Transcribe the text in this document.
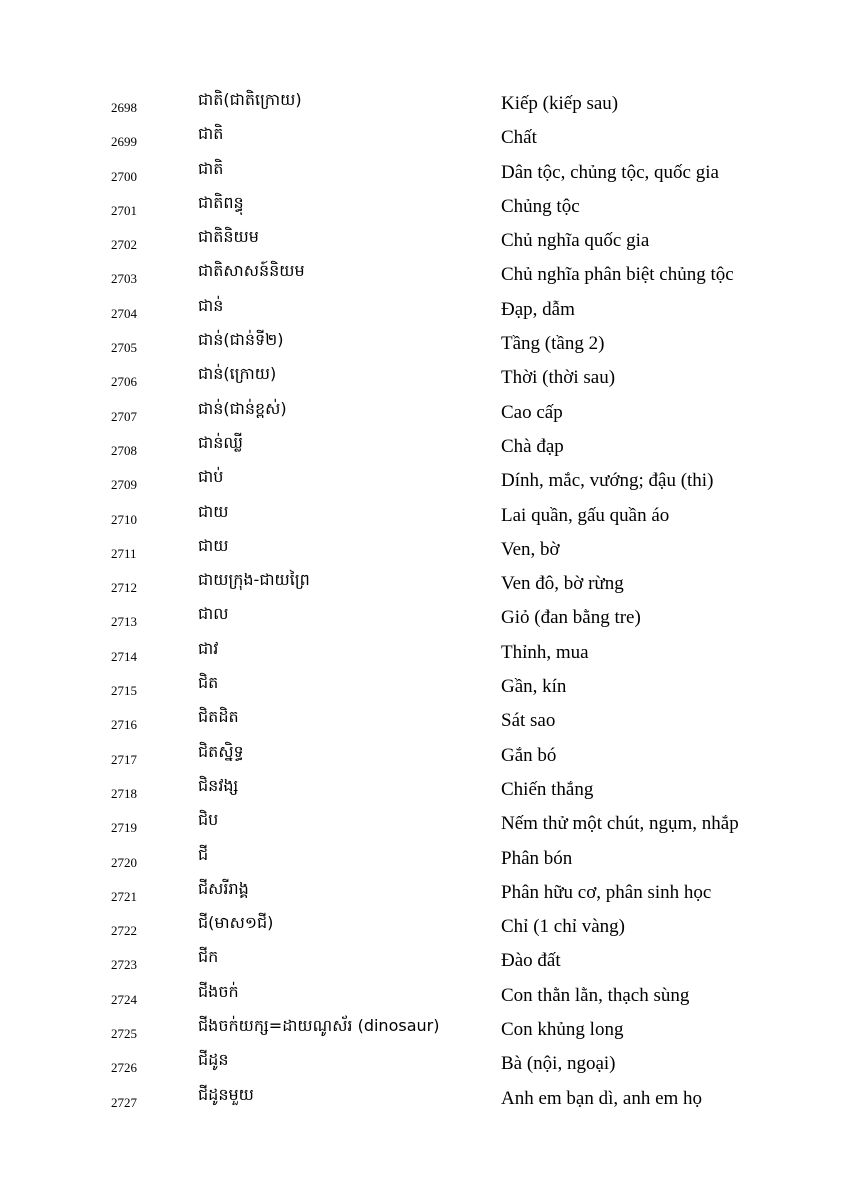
2698	ជាតិ(ជាតិក្រោយ)	Kiếp (kiếp sau)
2699	ជាតិ	Chất
2700	ជាតិ	Dân tộc, chủng tộc, quốc gia
2701	ជាតិពន្ធុ	Chủng tộc
2702	ជាតិនិយម	Chủ nghĩa quốc gia
2703	ជាតិសាសន៍និយម	Chủ nghĩa phân biệt chủng tộc
2704	ជាន់	Đạp, dẫm
2705	ជាន់(ជាន់ទី២)	Tầng (tầng 2)
2706	ជាន់(ក្រោយ)	Thời (thời sau)
2707	ជាន់(ជាន់ខ្ពស់)	Cao cấp
2708	ជាន់ឈ្លី	Chà đạp
2709	ជាប់	Dính, mắc, vướng; đậu (thi)
2710	ជាយ	Lai quần, gấu quần áo
2711	ជាយ	Ven, bờ
2712	ជាយក្រុង-ជាយព្រៃ	Ven đô, bờ rừng
2713	ជាល	Giỏ (đan bằng tre)
2714	ជាវ	Thỉnh, mua
2715	ជិត	Gần, kín
2716	ជិតដិត	Sát sao
2717	ជិតស្និទ្ធ	Gắn bó
2718	ជិនវង្ស	Chiến thắng
2719	ជិប	Nếm thử một chút, ngụm, nhắp
2720	ជី	Phân bón
2721	ជីសរីរាង្គ	Phân hữu cơ, phân sinh học
2722	ជី(មាស១ជី)	Chỉ (1 chỉ vàng)
2723	ជីក	Đào đất
2724	ជីងចក់	Con thằn lằn, thạch sùng
2725	ជីងចក់យក្ស=ដាយណូស័រ (dinosaur)	Con khủng long
2726	ជីដូន	Bà (nội, ngoại)
2727	ជីដូនមួយ	Anh em bạn dì, anh em họ
